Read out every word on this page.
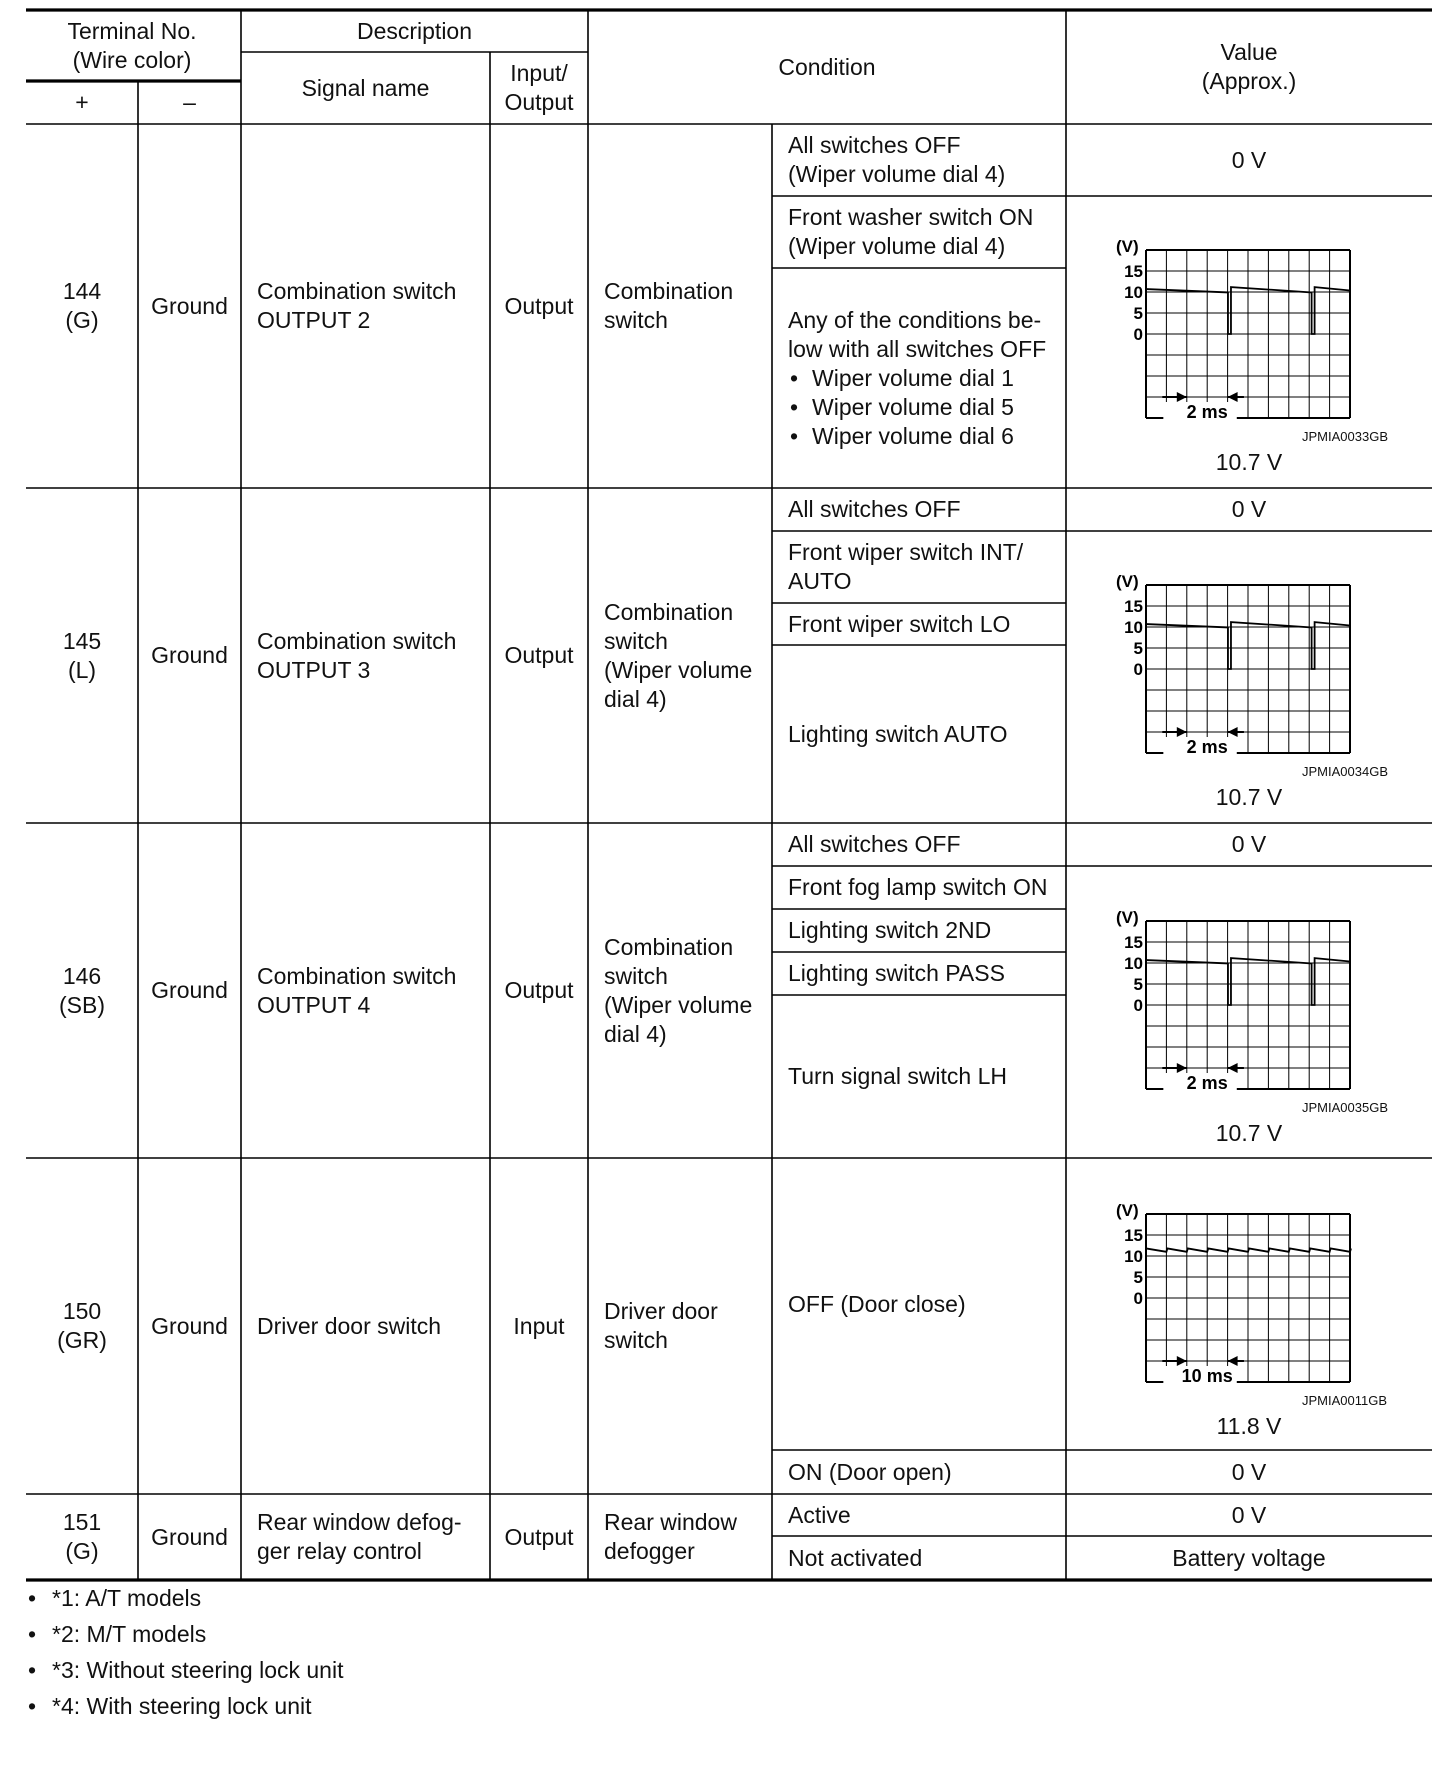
Terminal No.
(Wire color)
+	–
Description
Signal name
Input/
Output
Condition
Value
(Approx.)
144
(G)
Ground
Combination switch
OUTPUT 2
Output
Combination
switch
All switches OFF
(Wiper volume dial 4)
Front washer switch ON
(Wiper volume dial 4)
Any of the conditions be-
low with all switches OFF
• Wiper volume dial 1
• Wiper volume dial 5
• Wiper volume dial 6
0 V
(V)
15
10
5
0
2 ms
JPMIA0033GB
10.7 V
145
(L)
Ground
Combination switch
OUTPUT 3
Output
Combination
switch
(Wiper volume
dial 4)
All switches OFF
Front wiper switch INT/
AUTO
Front wiper switch LO
Lighting switch AUTO
0 V
(V)
15
10
5
0
2 ms
JPMIA0034GB
10.7 V
146
(SB)
Ground
Combination switch
OUTPUT 4
Output
Combination
switch
(Wiper volume
dial 4)
All switches OFF
Front fog lamp switch ON
Lighting switch 2ND
Lighting switch PASS
Turn signal switch LH
0 V
(V)
15
10
5
0
2 ms
JPMIA0035GB
10.7 V
150
(GR)
Ground Driver door switch	Input
Driver door
switch
OFF (Door close)
ON (Door open)
(V)
15
10
5
0
10 ms
JPMIA0011GB
11.8 V
0 V
151
(G)
Ground
Rear window defog-
ger relay control
Output
Rear window
defogger
Active
Not activated
0 V
Battery voltage
• *1: A/T models
• *2: M/T models
• *3: Without steering lock unit
• *4: With steering lock unit
